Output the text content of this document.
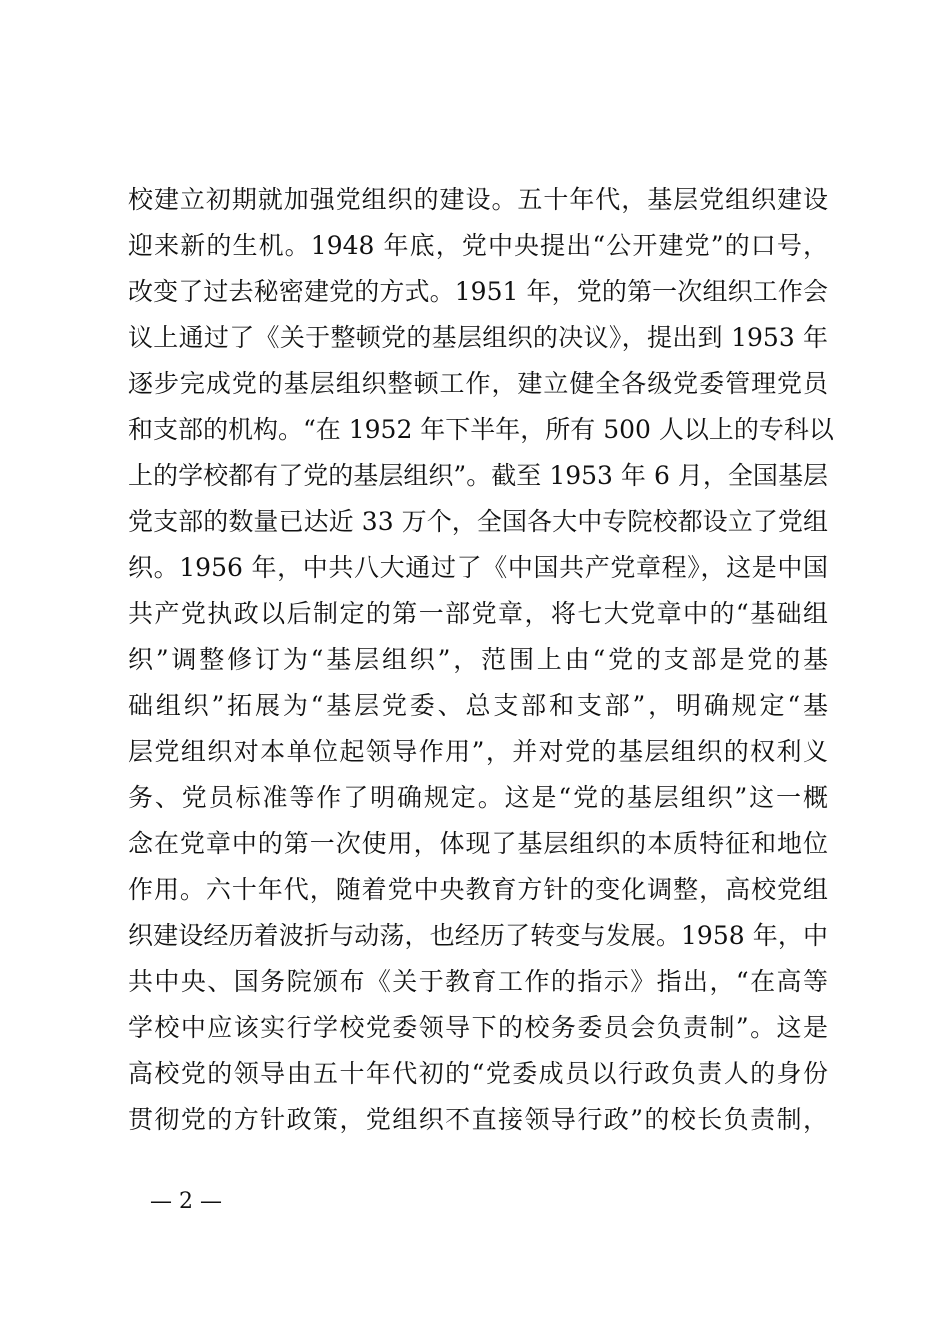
校建立初期就加强党组织的建设。五十年代，基层党组织建设
迎来新的生机。1948 年底，党中央提出“公开建党”的口号，
改变了过去秘密建党的方式。1951 年，党的第一次组织工作会
议上通过了《关于整顿党的基层组织的决议》，提出到 1953 年
逐步完成党的基层组织整顿工作，建立健全各级党委管理党员
和支部的机构。“在 1952 年下半年，所有 500 人以上的专科以
上的学校都有了党的基层组织”。截至 1953 年 6 月，全国基层
党支部的数量已达近 33 万个，全国各大中专院校都设立了党组
织。1956 年，中共八大通过了《中国共产党章程》，这是中国
共产党执政以后制定的第一部党章，将七大党章中的“基础组
织”调整修订为“基层组织”，范围上由“党的支部是党的基
础组织”拓展为“基层党委、总支部和支部”，明确规定“基
层党组织对本单位起领导作用”，并对党的基层组织的权利义
务、党员标准等作了明确规定。这是“党的基层组织”这一概
念在党章中的第一次使用，体现了基层组织的本质特征和地位
作用。六十年代，随着党中央教育方针的变化调整，高校党组
织建设经历着波折与动荡，也经历了转变与发展。1958 年，中
共中央、国务院颁布《关于教育工作的指示》指出，“在高等
学校中应该实行学校党委领导下的校务委员会负责制”。这是
高校党的领导由五十年代初的“党委成员以行政负责人的身份
贯彻党的方针政策，党组织不直接领导行政”的校长负责制，
— 2 —
